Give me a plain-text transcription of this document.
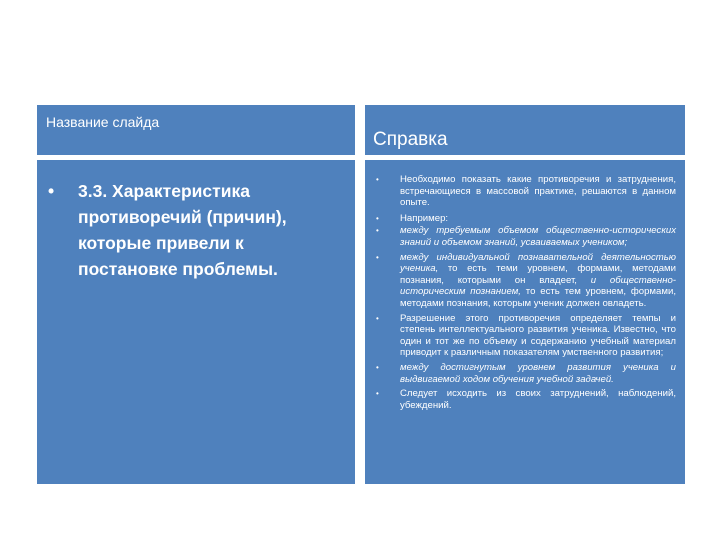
Название слайда
• 3.3. Характеристика противоречий (причин), которые привели к постановке проблемы.
Справка
• Необходимо показать какие противоречия и затруднения, встречающиеся в массовой практике, решаются в данном опыте.
• Например:
• между требуемым объемом общественно-исторических знаний и объемом знаний, усваиваемых учеником;
• между индивидуальной познавательной деятельностью ученика, то есть теми уровнем, формами, методами познания, которыми он владеет, и общественно-историческим познанием, то есть тем уровнем, формами, методами познания, которым ученик должен овладеть.
• Разрешение этого противоречия определяет темпы и степень интеллектуального развития ученика. Известно, что один и тот же по объему и содержанию учебный материал приводит к различным показателям умственного развития;
• между достигнутым уровнем развития ученика и выдвигаемой ходом обучения учебной задачей.
• Следует исходить из своих затруднений, наблюдений, убеждений.
